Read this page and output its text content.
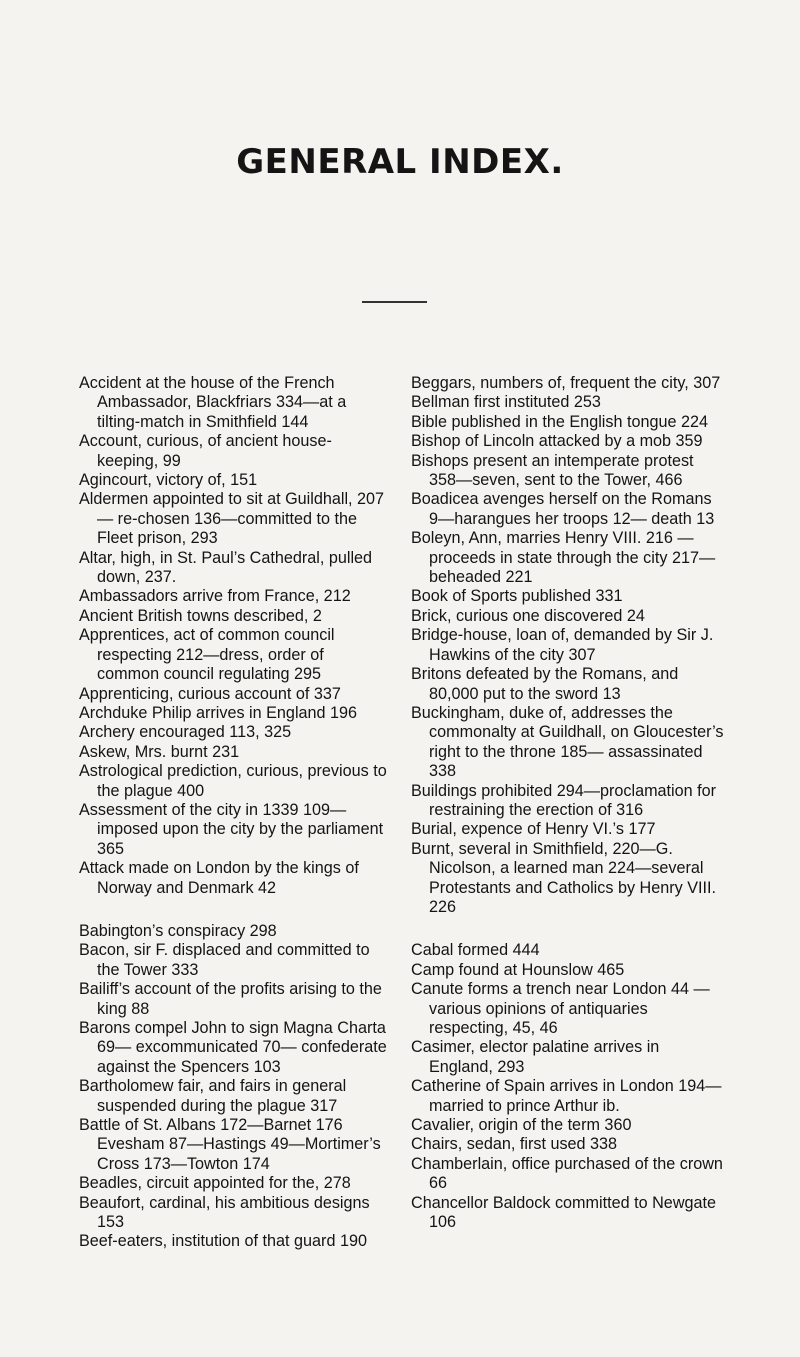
GENERAL INDEX.

Accident at the house of the French Ambassador, Blackfriars 334—at a tilting-match in Smithfield 144

Account, curious, of ancient house-keeping, 99

Agincourt, victory of, 151

Aldermen appointed to sit at Guildhall, 207— re-chosen 136—committed to the Fleet prison, 293

Altar, high, in St. Paul’s Cathedral, pulled down, 237.

Ambassadors arrive from France, 212

Ancient British towns described, 2

Apprentices, act of common council respecting 212—dress, order of common council regulating 295

Apprenticing, curious account of 337

Archduke Philip arrives in England 196

Archery encouraged 113, 325

Askew, Mrs. burnt 231

Astrological prediction, curious, previous to the plague 400

Assessment of the city in 1339 109— imposed upon the city by the parliament 365

Attack made on London by the kings of Norway and Denmark 42

Babington’s conspiracy 298

Bacon, sir F. displaced and committed to the Tower 333

Bailiff’s account of the profits arising to the king 88

Barons compel John to sign Magna Charta 69— excommunicated 70— confederate against the Spencers 103

Bartholomew fair, and fairs in general suspended during the plague 317

Battle of St. Albans 172—Barnet 176 Evesham 87—Hastings 49—Mortimer’s Cross 173—Towton 174

Beadles, circuit appointed for the, 278

Beaufort, cardinal, his ambitious designs 153

Beef-eaters, institution of that guard 190

Beggars, numbers of, frequent the city, 307

Bellman first instituted 253

Bible published in the English tongue 224

Bishop of Lincoln attacked by a mob 359

Bishops present an intemperate protest 358—seven, sent to the Tower, 466

Boadicea avenges herself on the Romans 9—harangues her troops 12— death 13

Boleyn, Ann, marries Henry VIII. 216 —proceeds in state through the city 217—beheaded 221

Book of Sports published 331

Brick, curious one discovered 24

Bridge-house, loan of, demanded by Sir J. Hawkins of the city 307

Britons defeated by the Romans, and 80,000 put to the sword 13

Buckingham, duke of, addresses the commonalty at Guildhall, on Gloucester’s right to the throne 185— assassinated 338

Buildings prohibited 294—proclamation for restraining the erection of 316

Burial, expence of Henry VI.’s 177

Burnt, several in Smithfield, 220—G. Nicolson, a learned man 224—several Protestants and Catholics by Henry VIII. 226

Cabal formed 444

Camp found at Hounslow 465

Canute forms a trench near London 44 —various opinions of antiquaries respecting, 45, 46

Casimer, elector palatine arrives in England, 293

Catherine of Spain arrives in London 194—married to prince Arthur ib.

Cavalier, origin of the term 360

Chairs, sedan, first used 338

Chamberlain, office purchased of the crown 66

Chancellor Baldock committed to Newgate 106
